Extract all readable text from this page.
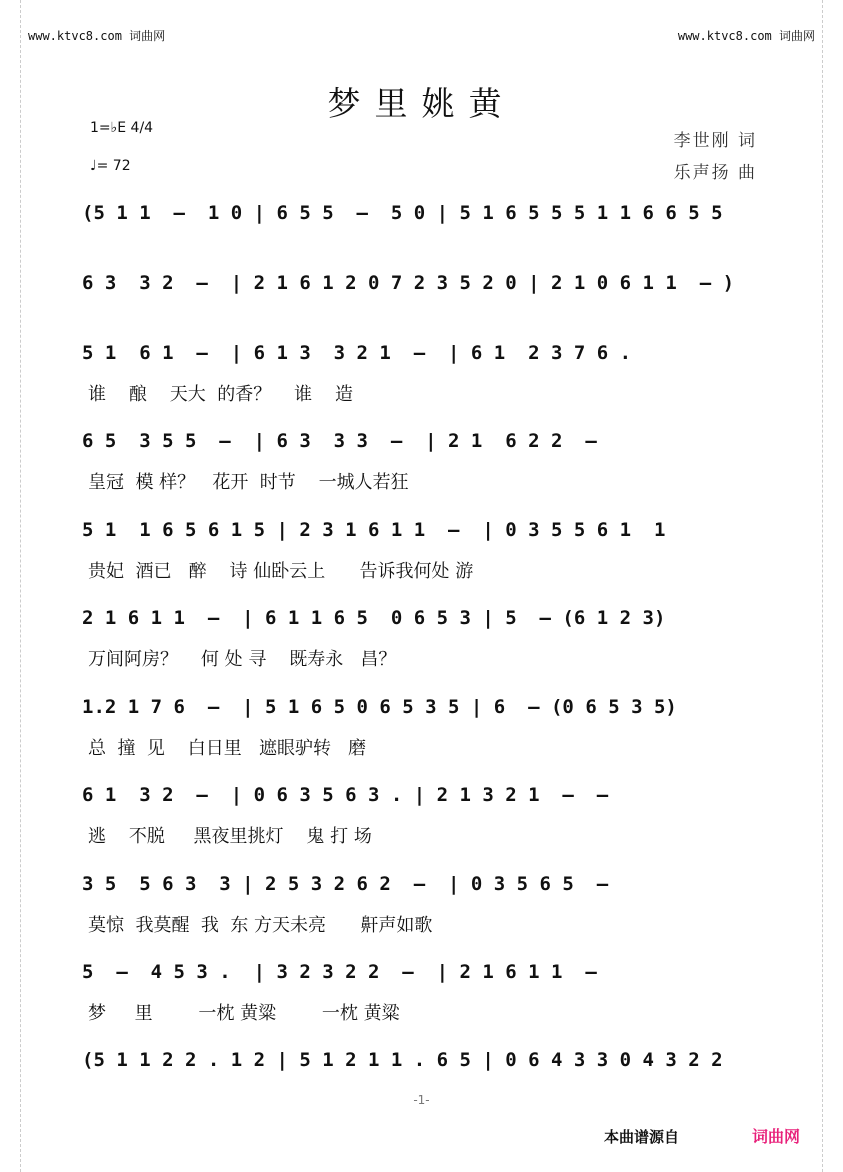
www.ktvc8.com 词曲网	www.ktvc8.com 词曲网
梦里姚黄
1=♭E 4/4
♩= 72
李世刚 词
乐声扬 曲
(5 1 1  –  1 0 | 6 5 5  –  5 0 | 5 1 6 5 5 5 1 1 6 6 5 5
6 3  3 2  –  | 2 1 6 1 2 0 7 2 3 5 2 0 | 2 1 0 6 1 1  – )
5 1  6 1  –  | 6 1 3  3 2 1  –  | 6 1  2 3 7 6 .
谁    酿    天大  的香？    谁    造
6 5  3 5 5  –  | 6 3  3 3  –  | 2 1  6 2 2  –
皇冠  模 样？   花开  时节    一城人若狂
5 1  1 6 5 6 1 5 | 2 3 1 6 1 1  –  | 0 3 5 5 6 1  1
贵妃  酒已   醉    诗 仙卧云上      告诉我何处 游
2 1 6 1 1  –  | 6 1 1 6 5  0 6 5 3 | 5  – (6 1 2 3)
万间阿房？    何 处 寻    既寿永   昌？
1.2 1 7 6  –  | 5 1 6 5 0 6 5 3 5 | 6  – (0 6 5 3 5)
总  撞  见    白日里   遮眼驴转   磨
6 1  3 2  –  | 0 6 3 5 6 3 . | 2 1 3 2 1  –  –
逃    不脱     黑夜里挑灯    鬼 打 场
3 5  5 6 3  3 | 2 5 3 2 6 2  –  | 0 3 5 6 5  –
莫惊  我莫醒  我  东 方天未亮      鼾声如歌
5  –  4 5 3 .  | 3 2 3 2 2  –  | 2 1 6 1 1  –
梦     里        一枕 黄粱        一枕 黄粱
(5 1 1 2 2 . 1 2 | 5 1 2 1 1 . 6 5 | 0 6 4 3 3 0 4 3 2 2
-1-
本曲谱源自	词曲网
